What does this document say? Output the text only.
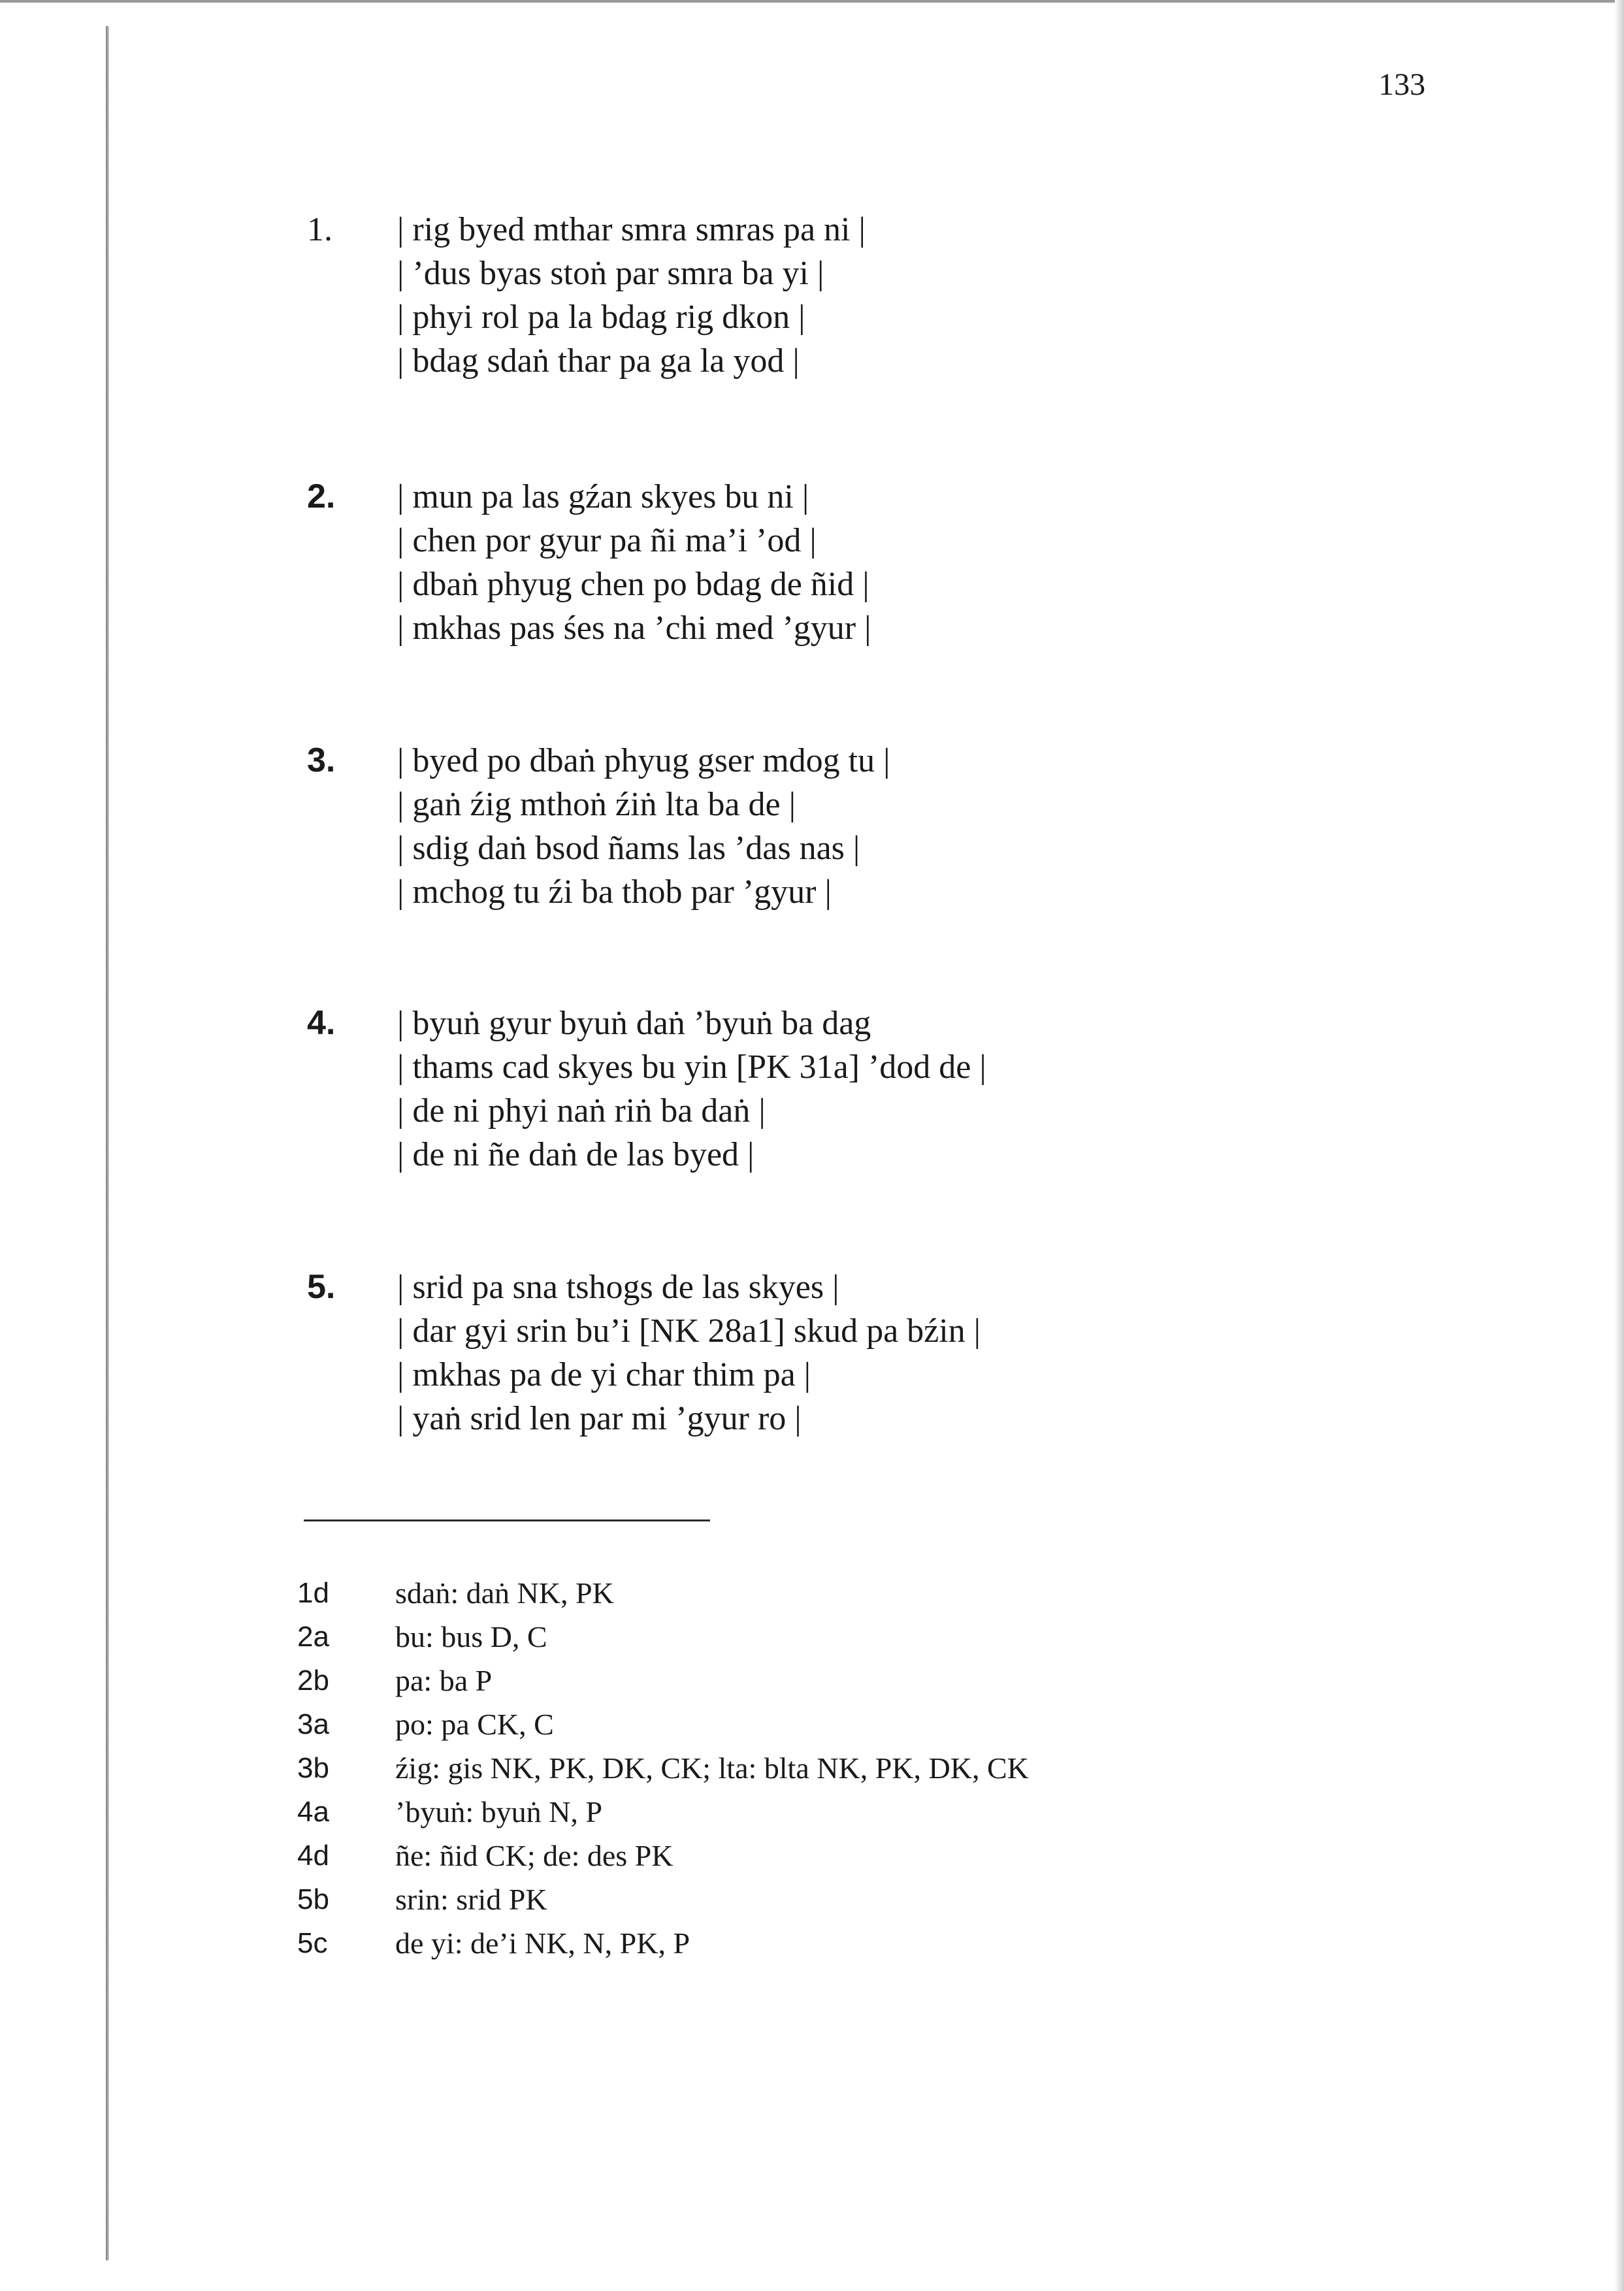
133
1.	| rig byed mthar smra smras pa ni |
| ’dus byas stoṅ par smra ba yi |
| phyi rol pa la bdag rig dkon |
| bdag sdaṅ thar pa ga la yod |
2.	| mun pa las gźan skyes bu ni |
| chen por gyur pa ñi ma’i ’od |
| dbaṅ phyug chen po bdag de ñid |
| mkhas pas śes na ’chi med ’gyur |
3.	| byed po dbaṅ phyug gser mdog tu |
| gaṅ źig mthoṅ źiṅ lta ba de |
| sdig daṅ bsod ñams las ’das nas |
| mchog tu źi ba thob par ’gyur |
4.	| byuṅ gyur byuṅ daṅ ’byuṅ ba dag
| thams cad skyes bu yin [PK 31a] ’dod de |
| de ni phyi naṅ riṅ ba daṅ |
| de ni ñe daṅ de las byed |
5.	| srid pa sna tshogs de las skyes |
| dar gyi srin bu’i [NK 28a1] skud pa bźin |
| mkhas pa de yi char thim pa |
| yaṅ srid len par mi ’gyur ro |
1d	sdaṅ: daṅ NK, PK
2a	bu: bus D, C
2b	pa: ba P
3a	po: pa CK, C
3b	źig: gis NK, PK, DK, CK; lta: blta NK, PK, DK, CK
4a	’byuṅ: byuṅ N, P
4d	ñe: ñid CK; de: des PK
5b	srin: srid PK
5c	de yi: de’i NK, N, PK, P
